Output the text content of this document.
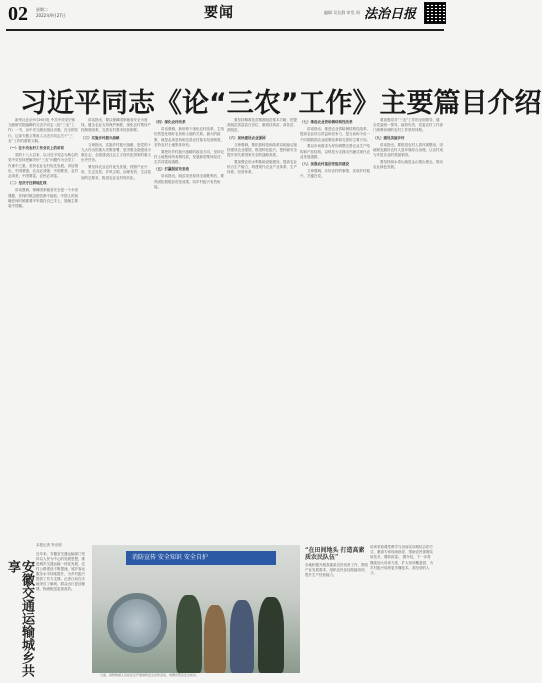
02 星期二
2022年9月27日	要闻	编辑 吴长群 审发 周 法治日报
习近平同志《论“三农”工作》主要篇目介绍

新华社北京9月26日电 中共中央党史和文献研究院编辑的习近平同志《论“三农”工作》一书，由中央文献出版社出版，在全国发行。这部专题文集收入习近平同志关于“三农”工作的重要文稿。

（一）在中央农村工作会议上的讲话

党的十八大以来，以习近平同志为核心的党中央坚持把解决好“三农”问题作为全党工作重中之重，坚持农业农村优先发展。讲话指出，中国要强，农业必须强；中国要美，农村必须美；中国要富，农民必须富。

（二）坚决守住耕地红线

讲话强调，保障国家粮食安全是一个永恒课题，任何时候这根弦都不能松。中国人的饭碗任何时候都要牢牢端在自己手上，饭碗主要装中国粮。

讲话指出，要以保障国家粮食安全为底线，健全农业支持保护制度，深化农村集体产权制度改革，完善农村基本经营制度。

（三）实施乡村振兴战略

文章指出，实施乡村振兴战略，是党的十九大作出的重大决策部署，是决胜全面建成小康社会、全面建设社会主义现代化国家的重大历史任务。

要坚持农业农村优先发展，按照产业兴旺、生态宜居、乡风文明、治理有效、生活富裕的总要求，推进农业农村现代化。

（四）深化农村改革

讲话强调，新形势下深化农村改革，主线仍然是处理好农民和土地的关系。最大的政策，就是必须坚持和完善农村基本经营制度，坚持农村土地集体所有。

要把好乡村振兴战略的政治方向，坚持农村土地集体所有制性质，发展新型集体经济，走共同富裕道路。

（五）打赢脱贫攻坚战

讲话指出，脱贫攻坚取得全面胜利后，要巩固拓展脱贫攻坚成果，同乡村振兴有效衔接。

要坚持精准扶贫精准脱贫基本方略，把提高脱贫质量放在首位，做到扶真贫、真扶贫、真脱贫。

（六）加快建设农业强国

文章强调，要依靠科技和改革双轮驱动加快建设农业强国，推进种业振兴，把种源安全提升到关系国家安全的战略高度。

要加强农田水利基础设施建设，提高农业综合生产能力，构建现代农业产业体系、生产体系、经营体系。

（七）推进农业供给侧结构性改革

讲话指出，推进农业供给侧结构性改革，提高农业综合效益和竞争力，是当前和今后一个时期我国农业政策改革和完善的主要方向。

要以市场需求为导向调整完善农业生产结构和产品结构，以科技为支撑走内涵式现代农业发展道路。

（八）加强农村基层党组织建设

文章强调，办好农村的事情，实现乡村振兴，关键在党。

要加强党对“三农”工作的全面领导，健全党委统一领导、政府负责、党委农村工作部门统筹协调的农村工作领导体制。

（九）建设美丽乡村

讲话指出，要推进农村人居环境整治，因地制宜搞好农村人居环境综合治理，让农村成为安居乐业的美丽家园。

要坚持绿水青山就是金山银山理念，推动农业绿色发展。

安徽交通运输城乡共享
本报记者 李光明
近年来，安徽省交通运输部门坚持以人民为中心的发展思想，推进城乡交通运输一体化发展，农村公路建设不断提速，城乡客运服务水平持续提升，为乡村振兴提供了有力支撑。记者日前在多地采访了解到，群众出行更加便捷，物流配送更加高效。
消防宣传 安全知识 安全自护
日前，消防救援人员在社区开展消防安全宣传活动，向群众普及安全知识。
“在田间地头 打造高素质农民队伍”

各地积极开展高素质农民培育工作，围绕产业发展需求，组织农民参加技能培训，提升生产经营能力。

培训采取课堂教学与田间实训相结合的方式，邀请专家现场指导，帮助农民掌握实用技术，增收致富。 据介绍，下一步将继续加大培训力度，扩大培训覆盖面，为乡村振兴培养更多懂技术、善经营的人才。
